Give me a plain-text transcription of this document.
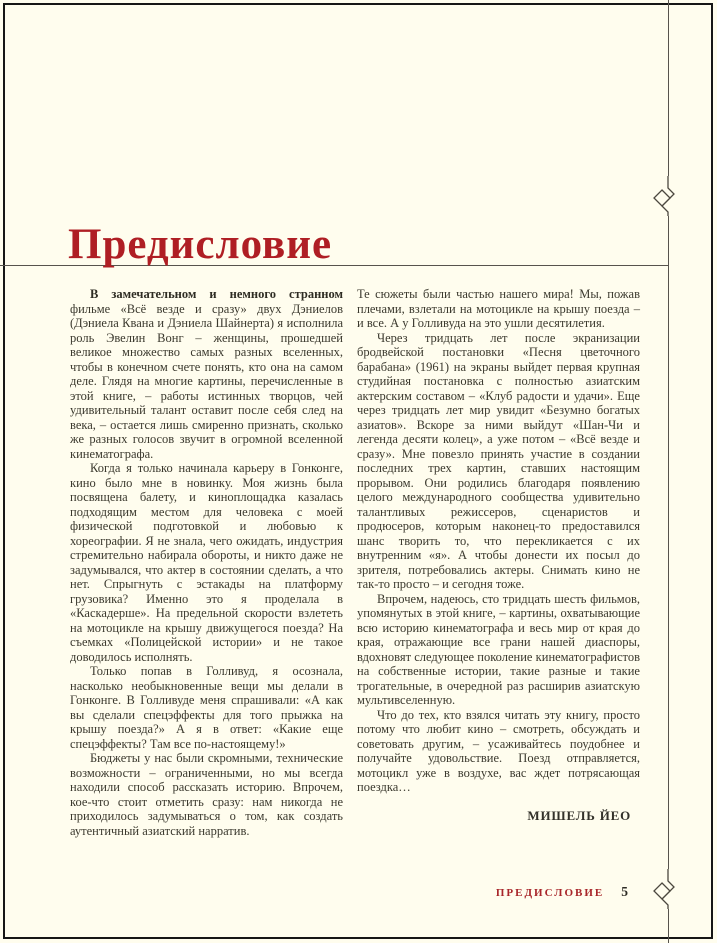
Предисловие

В замечательном и немного странном фильме «Всё везде и сразу» двух Дэниелов (Дэниела Квана и Дэниела Шайнерта) я исполнила роль Эвелин Вонг – женщины, прошедшей великое множество самых разных вселенных, чтобы в конечном счете понять, кто она на самом деле. Глядя на многие картины, перечисленные в этой книге, – работы истинных творцов, чей удивительный талант оставит после себя след на века, – остается лишь смиренно признать, сколько же разных голосов звучит в огромной вселенной кинематографа.

Когда я только начинала карьеру в Гонконге, кино было мне в новинку. Моя жизнь была посвящена балету, и киноплощадка казалась подходящим местом для человека с моей физической подготовкой и любовью к хореографии. Я не знала, чего ожидать, индустрия стремительно набирала обороты, и никто даже не задумывался, что актер в состоянии сделать, а что нет. Спрыгнуть с эстакады на платформу грузовика? Именно это я проделала в «Каскадерше». На предельной скорости взлететь на мотоцикле на крышу движущегося поезда? На съемках «Полицейской истории» и не такое доводилось исполнять.

Только попав в Голливуд, я осознала, насколько необыкновенные вещи мы делали в Гонконге. В Голливуде меня спрашивали: «А как вы сделали спецэффекты для того прыжка на крышу поезда?» А я в ответ: «Какие еще спецэффекты? Там все по-настоящему!»

Бюджеты у нас были скромными, технические возможности – ограниченными, но мы всегда находили способ рассказать историю. Впрочем, кое-что стоит отметить сразу: нам никогда не приходилось задумываться о том, как создать аутентичный азиатский нарратив.

Те сюжеты были частью нашего мира! Мы, пожав плечами, взлетали на мотоцикле на крышу поезда – и все. А у Голливуда на это ушли десятилетия.

Через тридцать лет после экранизации бродвейской постановки «Песня цветочного барабана» (1961) на экраны выйдет первая крупная студийная постановка с полностью азиатским актерским составом – «Клуб радости и удачи». Еще через тридцать лет мир увидит «Безумно богатых азиатов». Вскоре за ними выйдут «Шан-Чи и легенда десяти колец», а уже потом – «Всё везде и сразу». Мне повезло принять участие в создании последних трех картин, ставших настоящим прорывом. Они родились благодаря появлению целого международного сообщества удивительно талантливых режиссеров, сценаристов и продюсеров, которым наконец-то предоставился шанс творить то, что перекликается с их внутренним «я». А чтобы донести их посыл до зрителя, потребовались актеры. Снимать кино не так-то просто – и сегодня тоже.

Впрочем, надеюсь, сто тридцать шесть фильмов, упомянутых в этой книге, – картины, охватывающие всю историю кинематографа и весь мир от края до края, отражающие все грани нашей диаспоры, вдохновят следующее поколение кинематографистов на собственные истории, такие разные и такие трогательные, в очередной раз расширив азиатскую мультивселенную.

Что до тех, кто взялся читать эту книгу, просто потому что любит кино – смотреть, обсуждать и советовать другим, – усаживайтесь поудобнее и получайте удовольствие. Поезд отправляется, мотоцикл уже в воздухе, вас ждет потрясающая поездка…

МИШЕЛЬ ЙЕО

ПРЕДИСЛОВИЕ 5
